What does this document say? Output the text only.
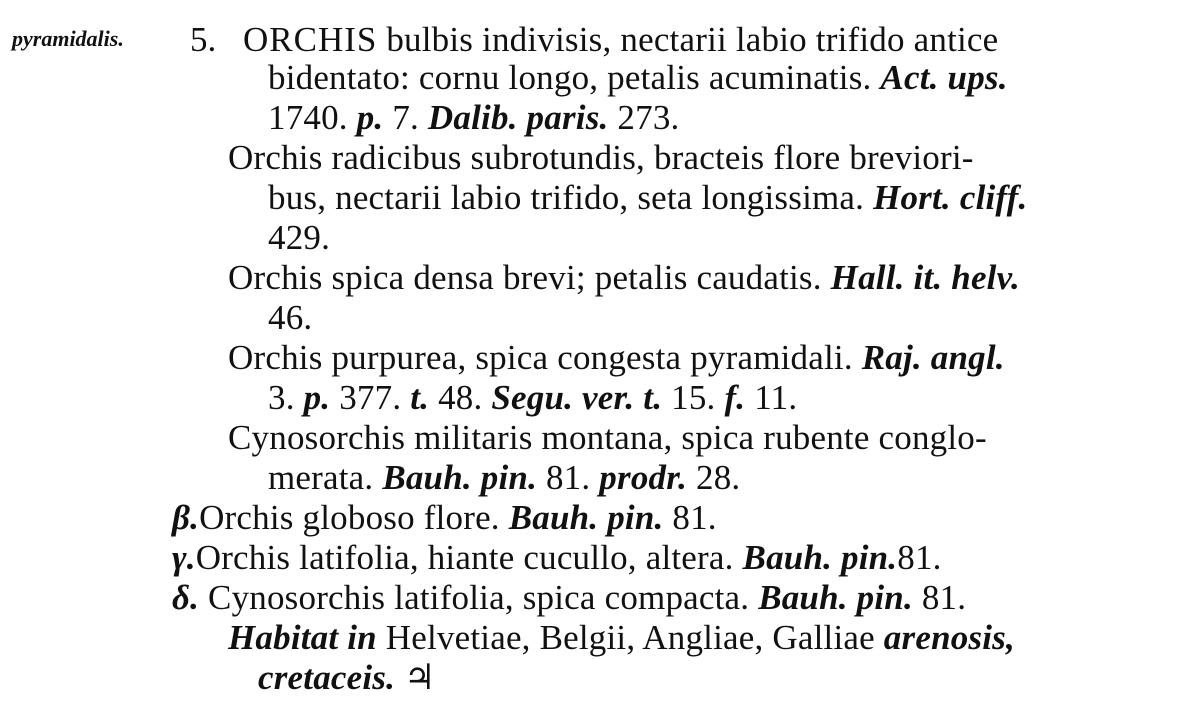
pyramidalis. 5. ORCHIS bulbis indivisis, nectarii labio trifido antice
bidentato: cornu longo, petalis acuminatis. Act. ups.
1740. p. 7. Dalib. paris. 273.
Orchis radicibus subrotundis, bracteis flore breviori-
bus, nectarii labio trifido, seta longissima. Hort. cliff.
429.
Orchis spica densa brevi; petalis caudatis. Hall. it. helv.
46.
Orchis purpurea, spica congesta pyramidali. Raj. angl.
3. p. 377. t. 48. Segu. ver. t. 15. f. 11.
Cynosorchis militaris montana, spica rubente conglo-
merata. Bauh. pin. 81. prodr. 28.
β.Orchis globoso flore. Bauh. pin. 81.
γ.Orchis latifolia, hiante cucullo, altera. Bauh. pin.81.
δ. Cynosorchis latifolia, spica compacta. Bauh. pin. 81.
Habitat in Helvetiae, Belgii, Angliae, Galliae arenosis,
cretaceis. ♃
